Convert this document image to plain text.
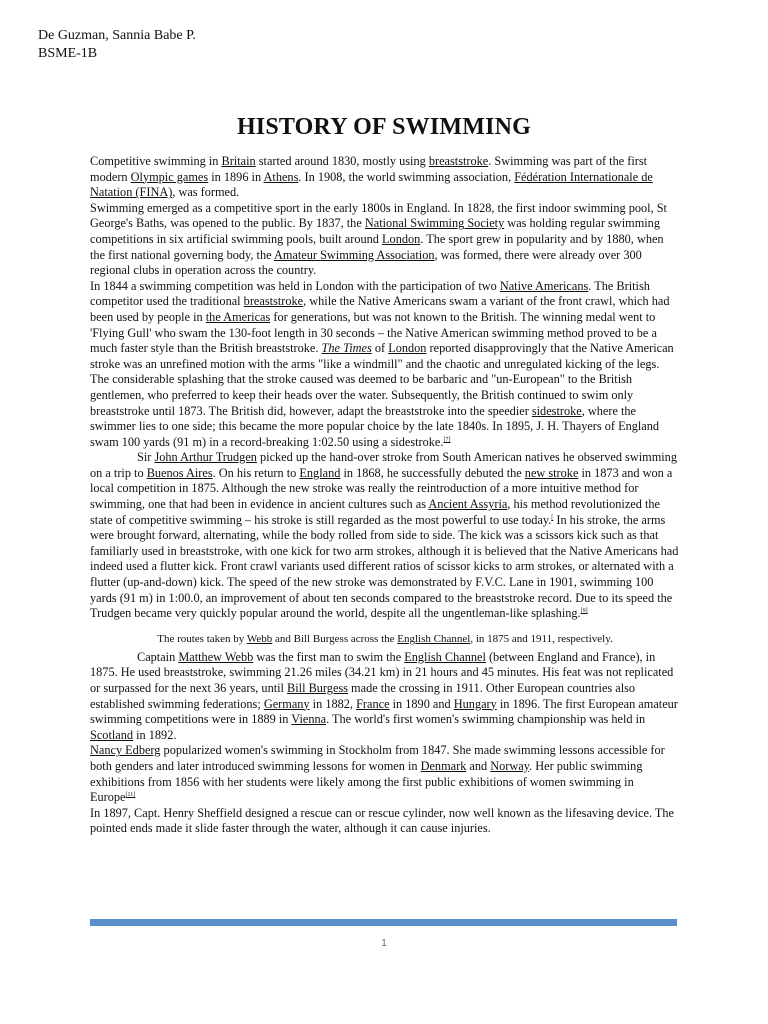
De Guzman, Sannia Babe P.
BSME-1B
HISTORY OF SWIMMING

Competitive swimming in Britain started around 1830, mostly using breaststroke. Swimming was part of the first modern Olympic games in 1896 in Athens. In 1908, the world swimming association, Fédération Internationale de Natation (FINA), was formed.

Swimming emerged as a competitive sport in the early 1800s in England. In 1828, the first indoor swimming pool, St George's Baths, was opened to the public. By 1837, the National Swimming Society was holding regular swimming competitions in six artificial swimming pools, built around London. The sport grew in popularity and by 1880, when the first national governing body, the Amateur Swimming Association, was formed, there were already over 300 regional clubs in operation across the country.

In 1844 a swimming competition was held in London with the participation of two Native Americans. The British competitor used the traditional breaststroke, while the Native Americans swam a variant of the front crawl, which had been used by people in the Americas for generations, but was not known to the British. The winning medal went to 'Flying Gull' who swam the 130-foot length in 30 seconds – the Native American swimming method proved to be a much faster style than the British breaststroke. The Times of London reported disapprovingly that the Native American stroke was an unrefined motion with the arms "like a windmill" and the chaotic and unregulated kicking of the legs. The considerable splashing that the stroke caused was deemed to be barbaric and "un-European" to the British gentlemen, who preferred to keep their heads over the water. Subsequently, the British continued to swim only breaststroke until 1873. The British did, however, adapt the breaststroke into the speedier sidestroke, where the swimmer lies to one side; this became the more popular choice by the late 1840s. In 1895, J. H. Thayers of England swam 100 yards (91 m) in a record-breaking 1:02.50 using a sidestroke.[7]

Sir John Arthur Trudgen picked up the hand-over stroke from South American natives he observed swimming on a trip to Buenos Aires. On his return to England in 1868, he successfully debuted the new stroke in 1873 and won a local competition in 1875. Although the new stroke was really the reintroduction of a more intuitive method for swimming, one that had been in evidence in ancient cultures such as Ancient Assyria, his method revolutionized the state of competitive swimming – his stroke is still regarded as the most powerful to use today.[ In his stroke, the arms were brought forward, alternating, while the body rolled from side to side. The kick was a scissors kick such as that familiarly used in breaststroke, with one kick for two arm strokes, although it is believed that the Native Americans had indeed used a flutter kick. Front crawl variants used different ratios of scissor kicks to arm strokes, or alternated with a flutter (up-and-down) kick. The speed of the new stroke was demonstrated by F.V.C. Lane in 1901, swimming 100 yards (91 m) in 1:00.0, an improvement of about ten seconds compared to the breaststroke record. Due to its speed the Trudgen became very quickly popular around the world, despite all the ungentleman-like splashing.[9]

The routes taken by Webb and Bill Burgess across the English Channel, in 1875 and 1911, respectively.

Captain Matthew Webb was the first man to swim the English Channel (between England and France), in 1875. He used breaststroke, swimming 21.26 miles (34.21 km) in 21 hours and 45 minutes. His feat was not replicated or surpassed for the next 36 years, until Bill Burgess made the crossing in 1911. Other European countries also established swimming federations; Germany in 1882, France in 1890 and Hungary in 1896. The first European amateur swimming competitions were in 1889 in Vienna. The world's first women's swimming championship was held in Scotland in 1892.

Nancy Edberg popularized women's swimming in Stockholm from 1847. She made swimming lessons accessible for both genders and later introduced swimming lessons for women in Denmark and Norway. Her public swimming exhibitions from 1856 with her students were likely among the first public exhibitions of women swimming in Europe[11]

In 1897, Capt. Henry Sheffield designed a rescue can or rescue cylinder, now well known as the lifesaving device. The pointed ends made it slide faster through the water, although it can cause injuries.

1
